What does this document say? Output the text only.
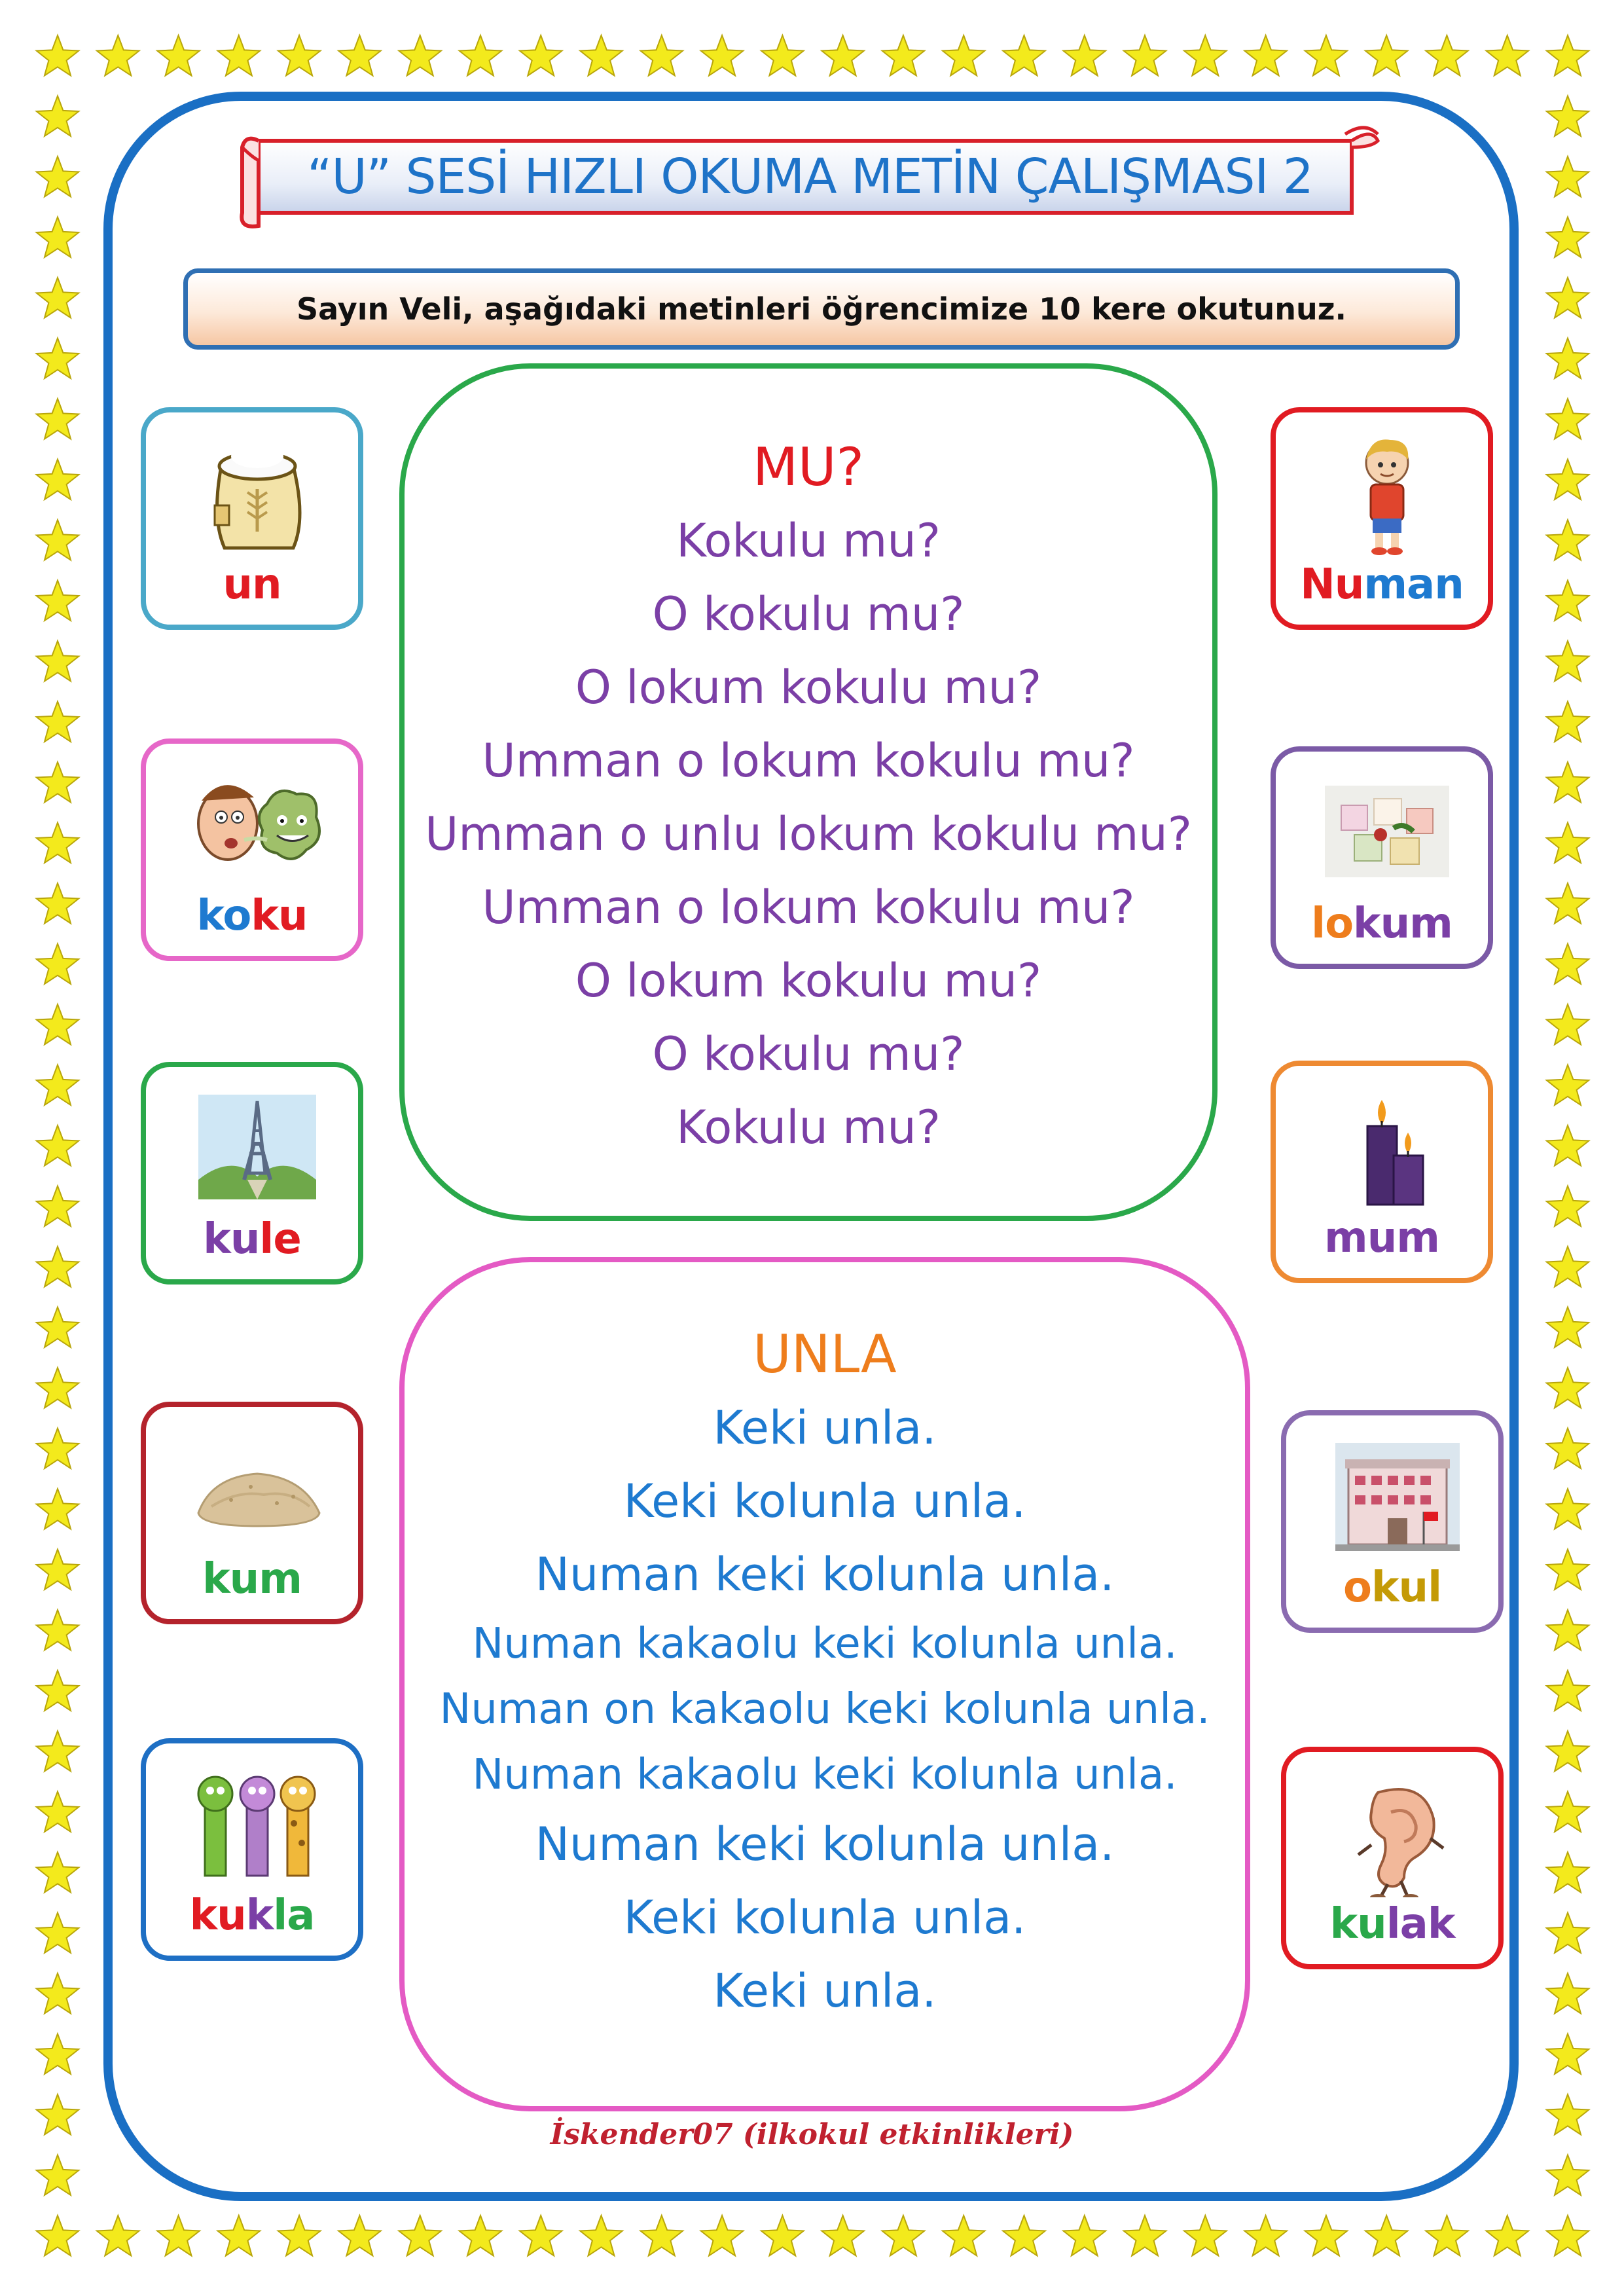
“U” SESİ HIZLI OKUMA METİN ÇALIŞMASI 2
Sayın Veli, aşağıdaki metinleri öğrencimize 10 kere okutunuz.
un
koku
kule
kum
kukla
Numan
lokum
mum
okul
kulak
MU?
Kokulu mu?
O kokulu mu?
O lokum kokulu mu?
Umman o lokum kokulu mu?
Umman o unlu lokum kokulu mu?
Umman o lokum kokulu mu?
O lokum kokulu mu?
O kokulu mu?
Kokulu mu?
UNLA
Keki unla.
Keki kolunla unla.
Numan keki kolunla unla.
Numan kakaolu keki kolunla unla.
Numan on kakaolu keki kolunla unla.
Numan kakaolu keki kolunla unla.
Numan keki kolunla unla.
Keki kolunla unla.
Keki unla.
İskender07 (ilkokul etkinlikleri)
